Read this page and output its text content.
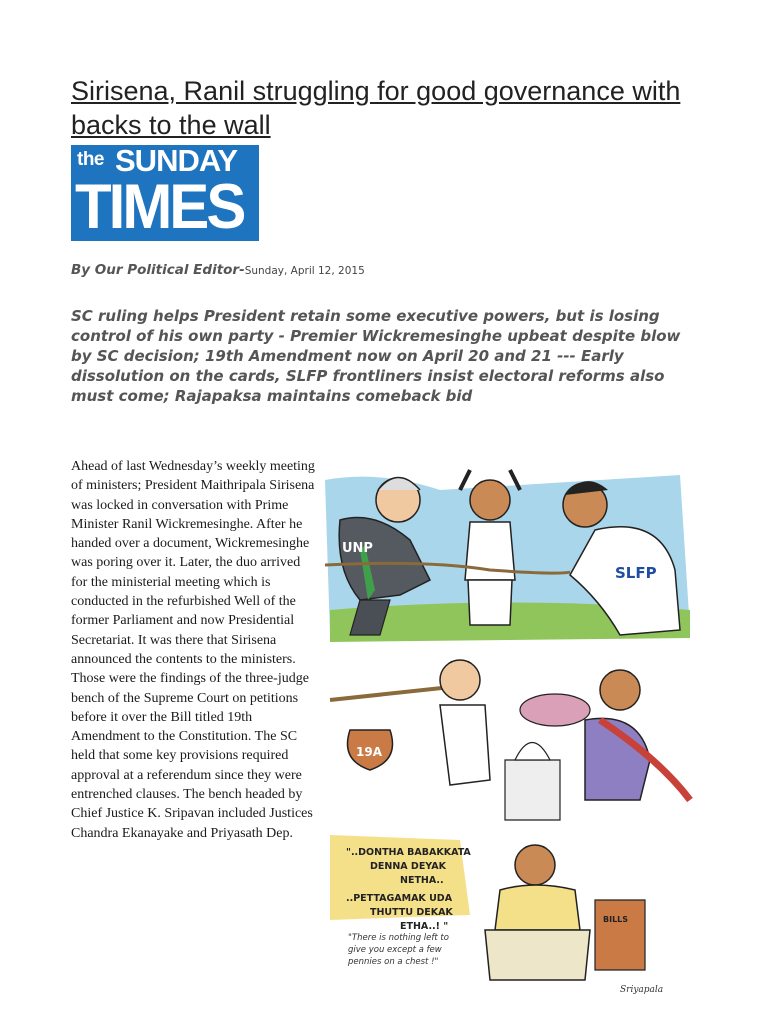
Sirisena, Ranil struggling for good governance with backs to the wall
the SUNDAY
TIMES
By Our Political Editor-Sunday, April 12, 2015
SC ruling helps President retain some executive powers, but is losing control of his own party - Premier Wickremesinghe upbeat despite blow by SC decision; 19th Amendment now on April 20 and 21 --- Early dissolution on the cards, SLFP frontliners insist electoral reforms also must come; Rajapaksa maintains comeback bid
Ahead of last Wednesday’s weekly meeting of ministers; President Maithripala Sirisena was locked in conversation with Prime Minister Ranil Wickremesinghe. After he handed over a document, Wickremesinghe was poring over it. Later, the duo arrived for the ministerial meeting which is conducted in the refurbished Well of the former Parliament and now Presidential Secretariat. It was there that Sirisena announced the contents to the ministers. Those were the findings of the three-judge bench of the Supreme Court on petitions before it over the Bill titled 19th Amendment to the Constitution. The SC held that some key provisions required approval at a referendum since they were entrenched clauses. The bench headed by Chief Justice K. Sripavan included Justices Chandra Ekanayake and Priyasath Dep.
UNP
SLFP
19A
"..DONTHA BABAKKATA
DENNA DEYAK
NETHA..
..PETTAGAMAK UDA
THUTTU DEKAK
ETHA..! "
BILLS
"There is nothing left to
give you except a few
pennies on a chest !"
Sriyapala
